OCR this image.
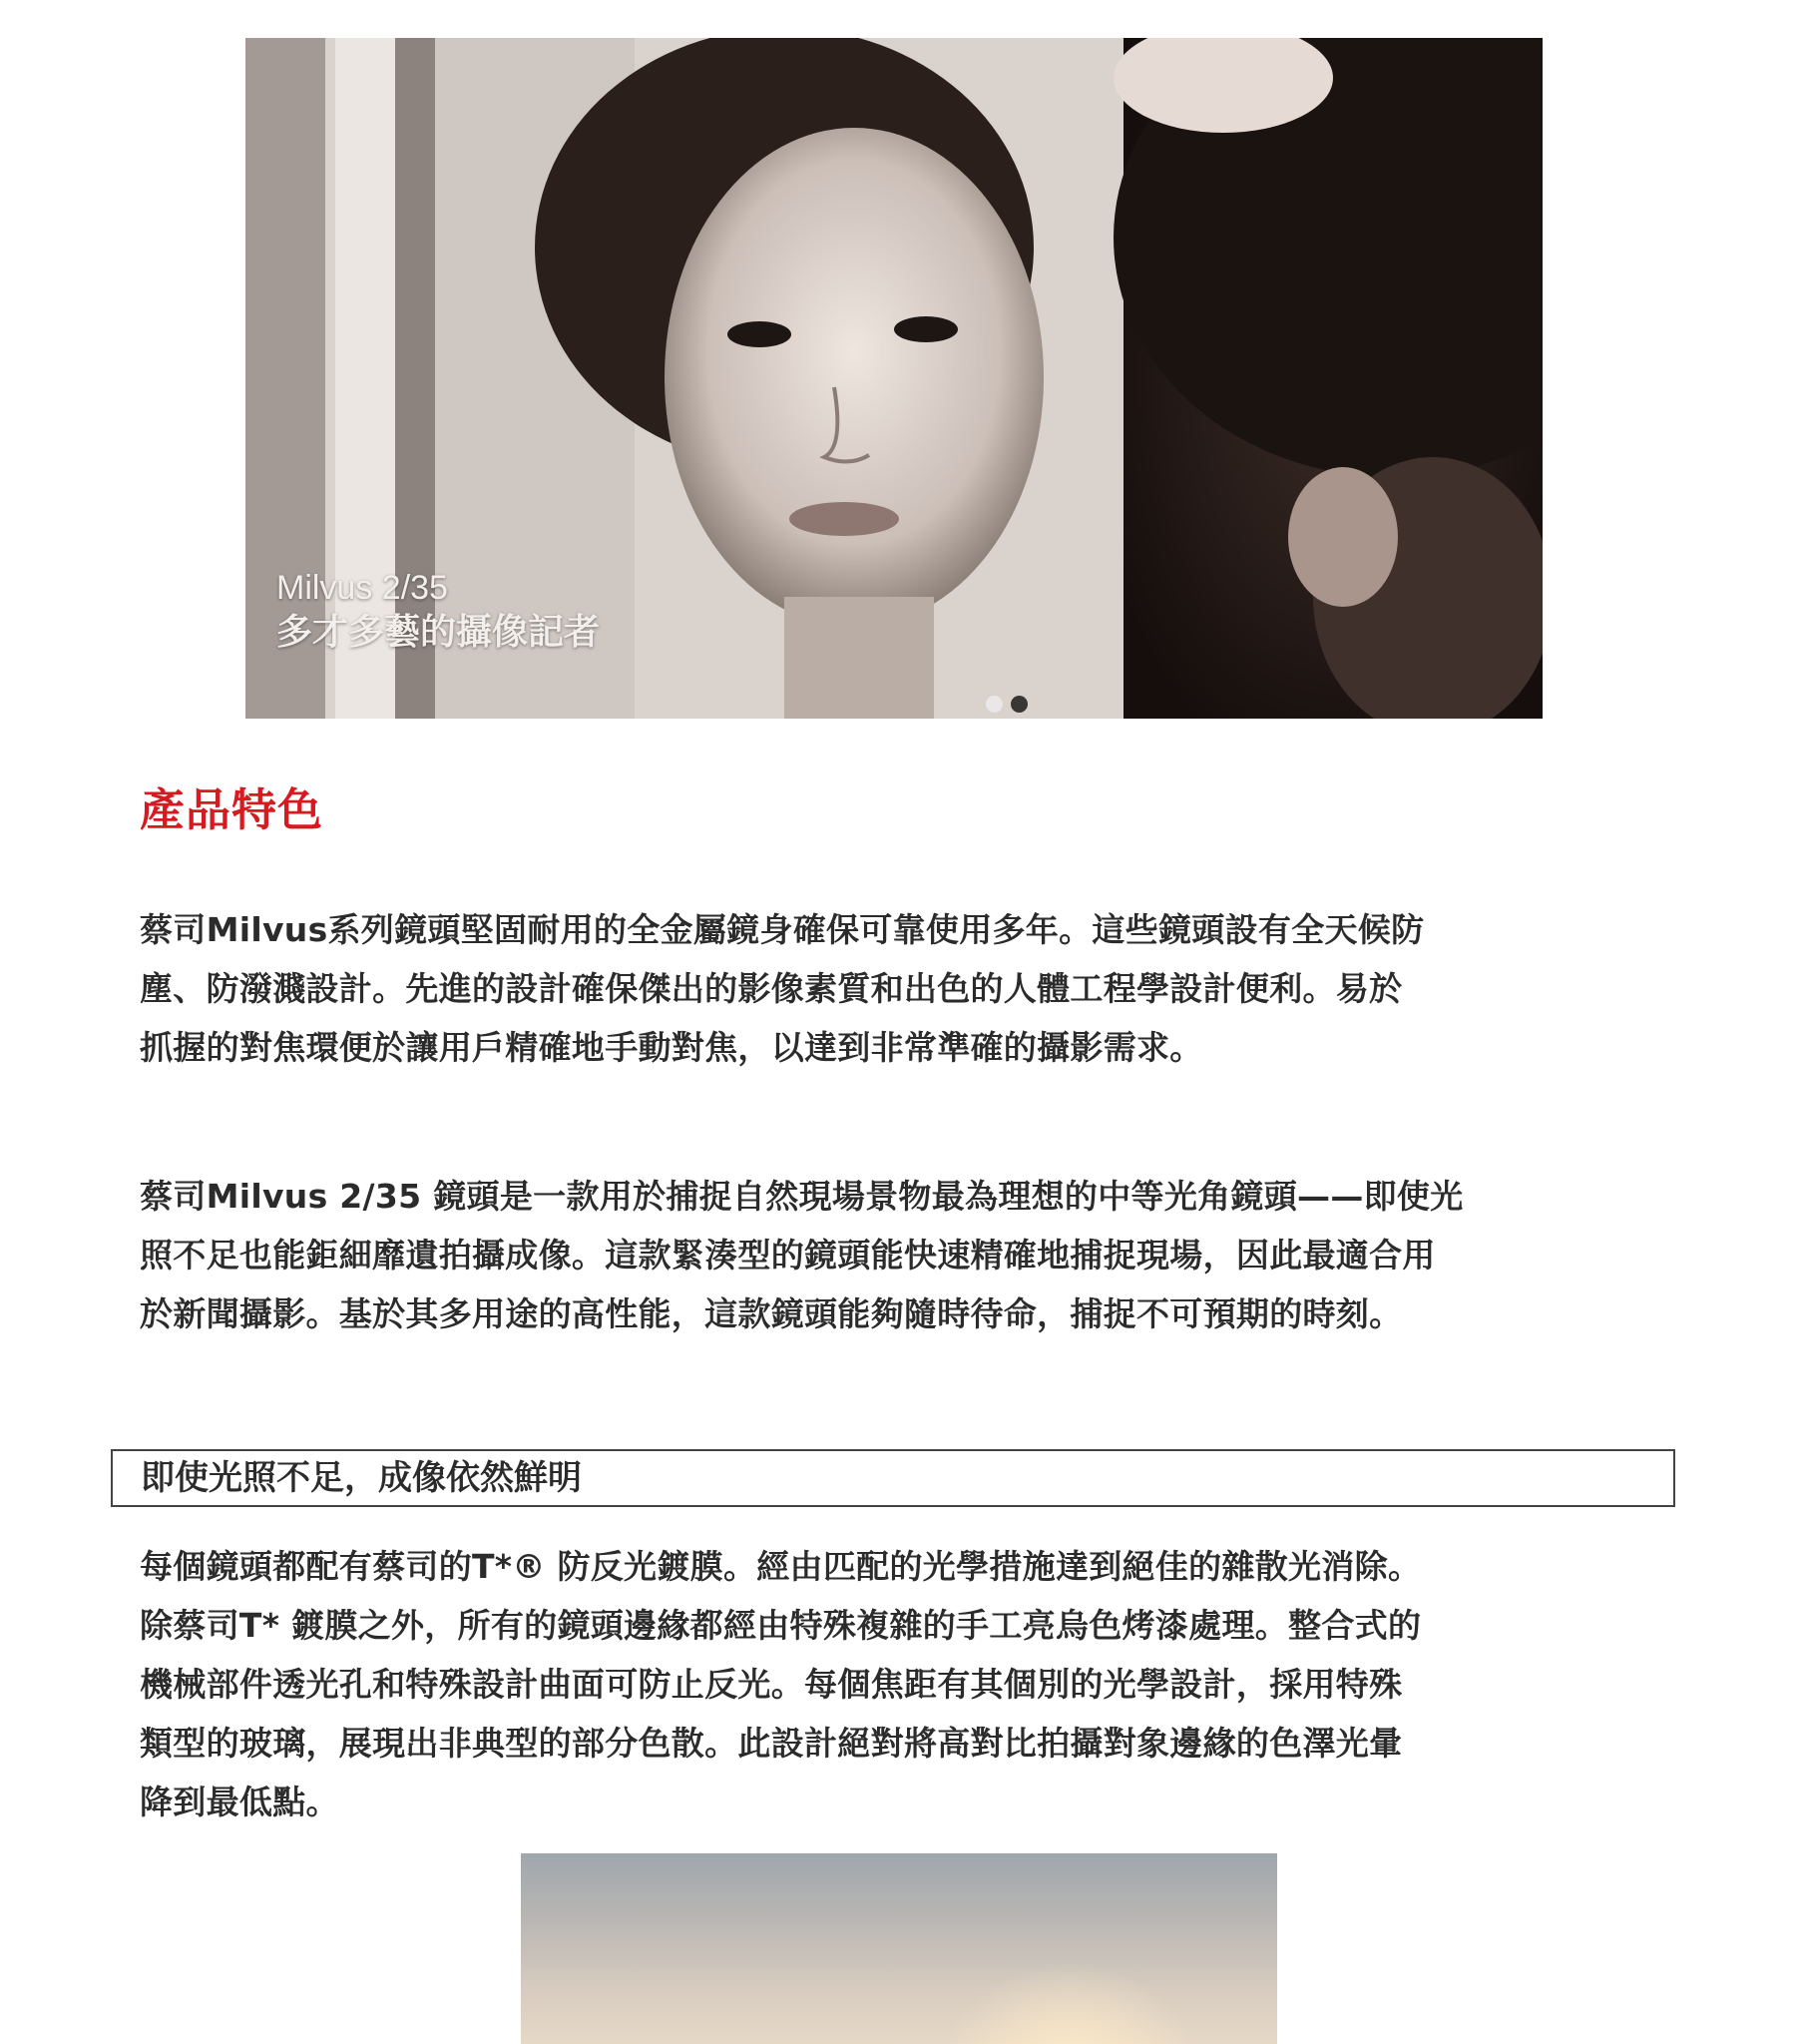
Milvus 2/35
多才多藝的攝像記者
產品特色
蔡司Milvus系列鏡頭堅固耐用的全金屬鏡身確保可靠使用多年。這些鏡頭設有全天候防
塵、防潑濺設計。先進的設計確保傑出的影像素質和出色的人體工程學設計便利。易於
抓握的對焦環便於讓用戶精確地手動對焦，以達到非常準確的攝影需求。
蔡司Milvus 2/35 鏡頭是一款用於捕捉自然現場景物最為理想的中等光角鏡頭——即使光
照不足也能鉅細靡遺拍攝成像。這款緊湊型的鏡頭能快速精確地捕捉現場，因此最適合用
於新聞攝影。基於其多用途的高性能，這款鏡頭能夠隨時待命，捕捉不可預期的時刻。
即使光照不足，成像依然鮮明
每個鏡頭都配有蔡司的T*® 防反光鍍膜。經由匹配的光學措施達到絕佳的雜散光消除。
除蔡司T* 鍍膜之外，所有的鏡頭邊緣都經由特殊複雜的手工亮烏色烤漆處理。整合式的
機械部件透光孔和特殊設計曲面可防止反光。每個焦距有其個別的光學設計，採用特殊
類型的玻璃，展現出非典型的部分色散。此設計絕對將高對比拍攝對象邊緣的色澤光暈
降到最低點。
